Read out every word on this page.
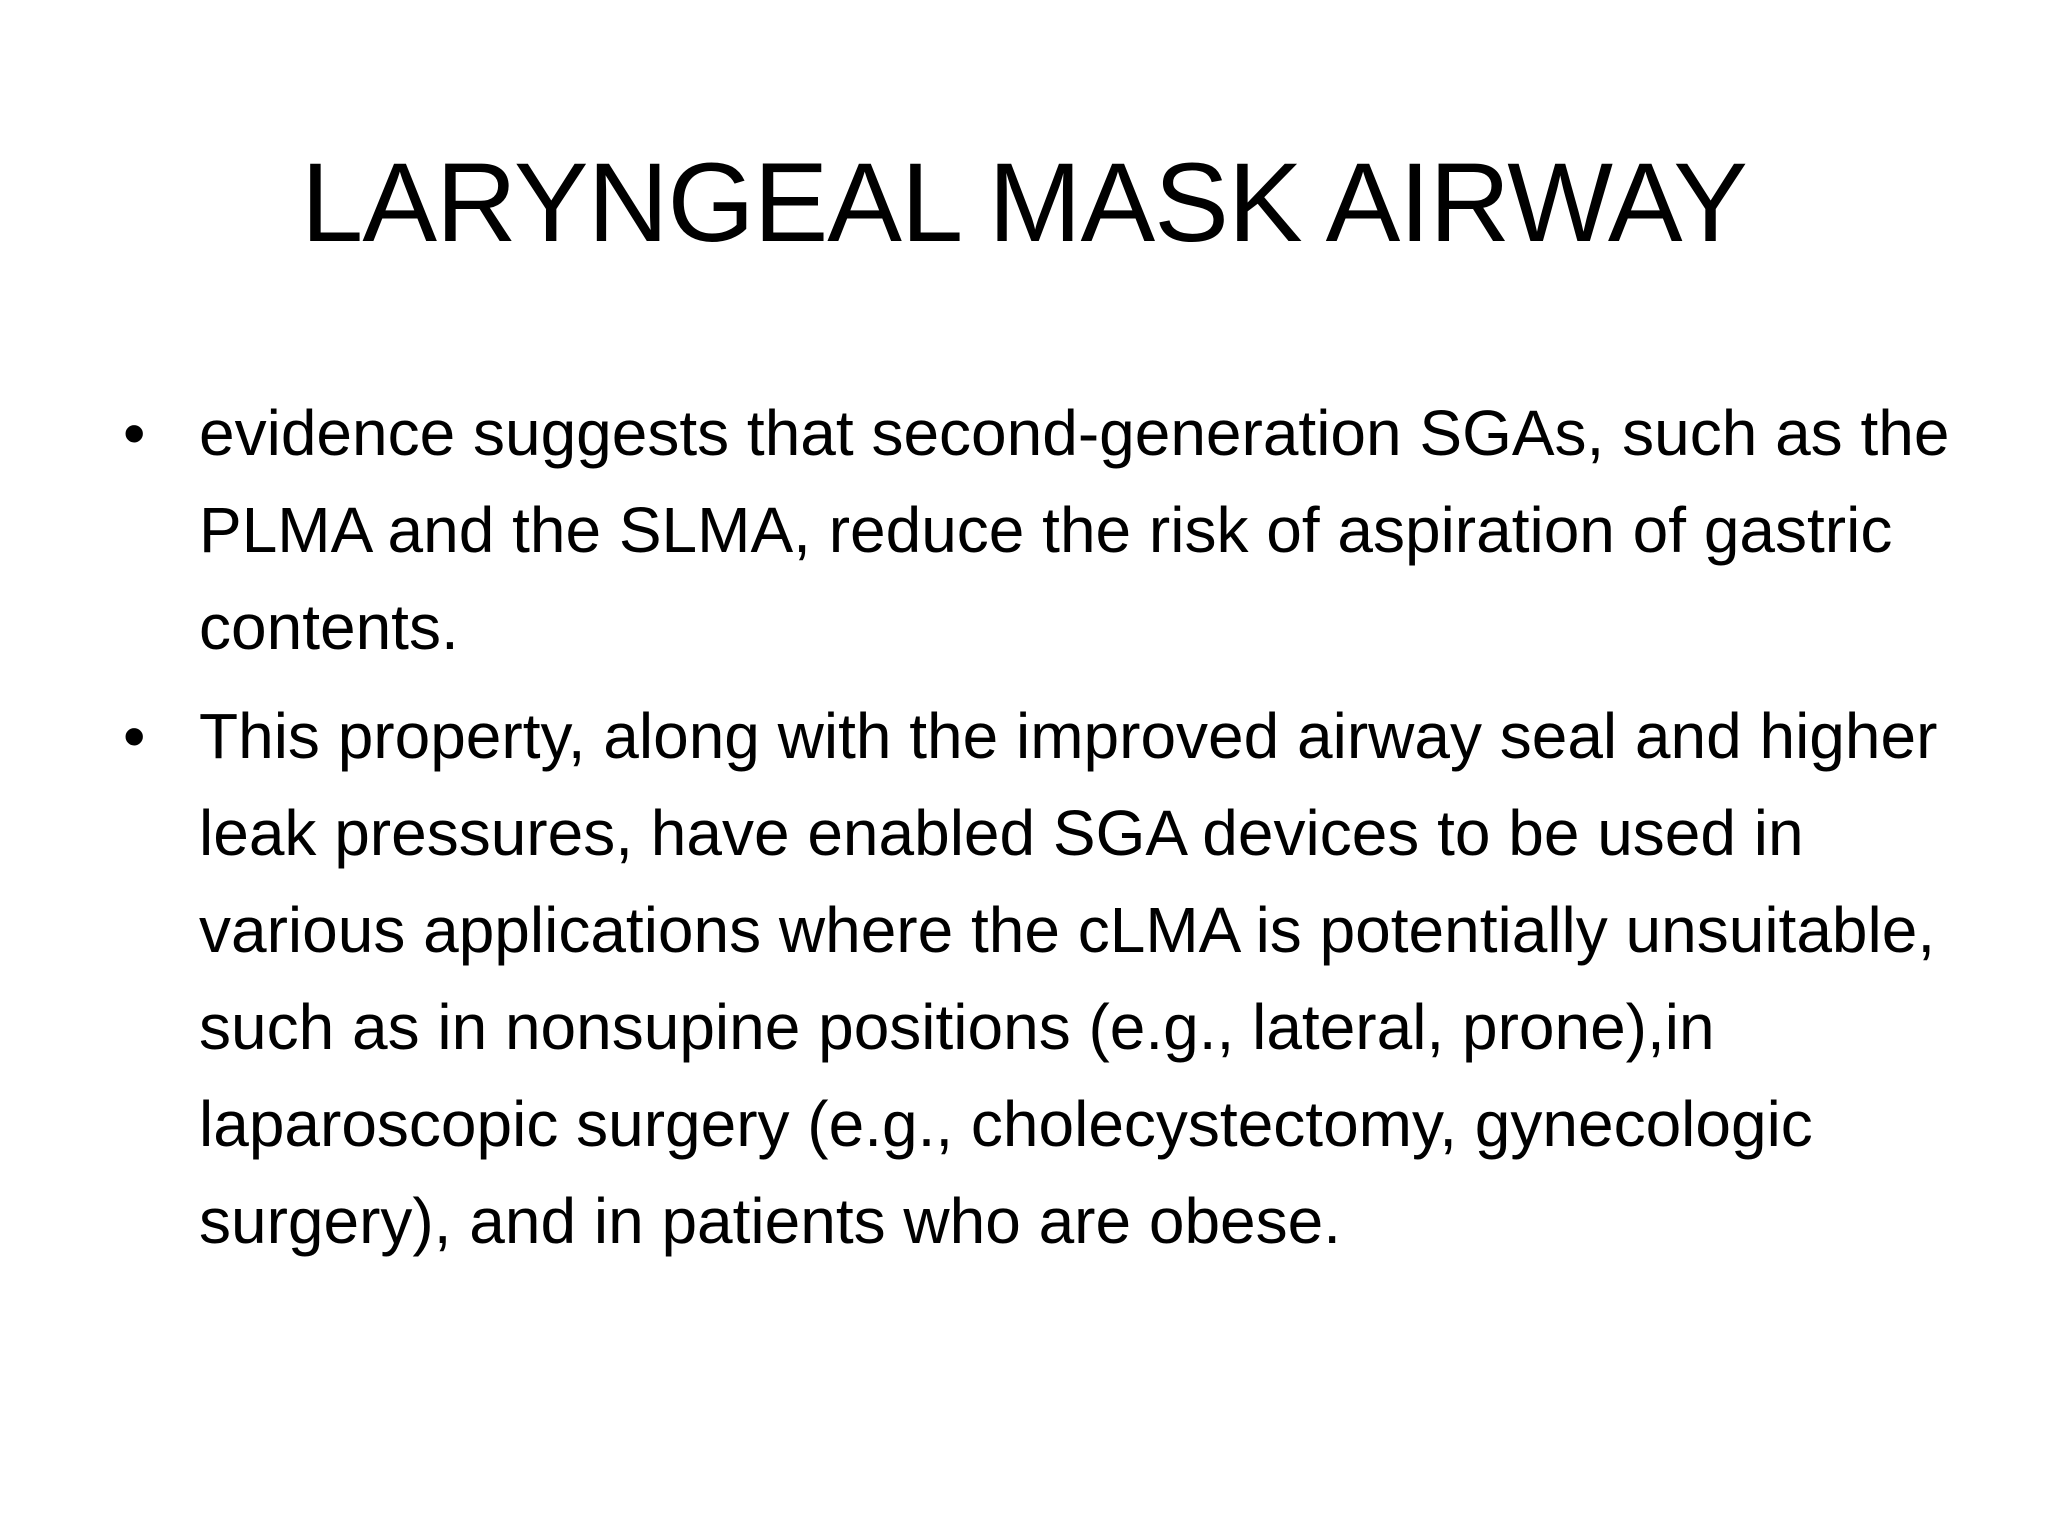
LARYNGEAL MASK AIRWAY
• evidence suggests that second-generation SGAs, such as the PLMA and the SLMA, reduce the risk of aspiration of gastric contents.
• This property, along with the improved airway seal and higher leak pressures, have enabled SGA devices to be used in various applications where the cLMA is potentially unsuitable, such as in nonsupine positions (e.g., lateral, prone),in laparoscopic surgery (e.g., cholecystectomy, gynecologic surgery), and in patients who are obese.
